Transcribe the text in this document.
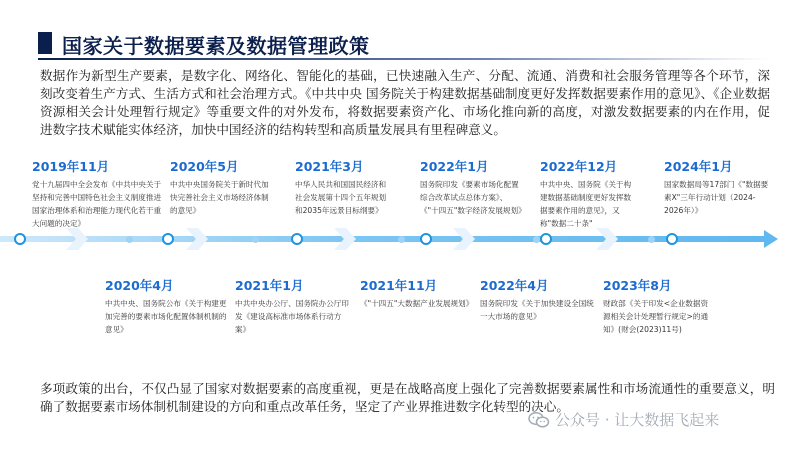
国家关于数据要素及数据管理政策
数据作为新型生产要素，是数字化、网络化、智能化的基础，已快速融入生产、分配、流通、消费和社会服务管理等各个环节，深刻改变着生产方式、生活方式和社会治理方式。《中共中央 国务院关于构建数据基础制度更好发挥数据要素作用的意见》、《企业数据资源相关会计处理暂行规定》等重要文件的对外发布，将数据要素资产化、市场化推向新的高度，对激发数据要素的内在作用，促进数字技术赋能实体经济，加快中国经济的结构转型和高质量发展具有里程碑意义。
2019年11月
党十九届四中全会发布《中共中央关于坚持和完善中国特色社会主义制度推进国家治理体系和治理能力现代化若干重大问题的决定》
2020年5月
中共中央国务院关于新时代加快完善社会主义市场经济体制的意见》
2021年3月
中华人民共和国国民经济和社会发展第十四个五年规划和2035年远景目标纲要》
2022年1月
国务院印发《要素市场化配置综合改革试点总体方案》、《"十四五"数字经济发展规划》
2022年12月
中共中央、国务院《关于构建数据基础制度更好发挥数据要素作用的意见》，又称"数据二十条"
2024年1月
国家数据局等17部门《"数据要素X"三年行动计划（2024-2026年）》
2020年4月
中共中央、国务院公布《关于构建更加完善的要素市场化配置体制机制的意见》
2021年1月
中共中央办公厅、国务院办公厅印发《建设高标准市场体系行动方案》
2021年11月
《"十四五"大数据产业发展规划》
2022年4月
国务院印发《关于加快建设全国统一大市场的意见》
2023年8月
财政部《关于印发<企业数据资源相关会计处理暂行规定>的通知》(财会(2023)11号)
多项政策的出台，不仅凸显了国家对数据要素的高度重视，更是在战略高度上强化了完善数据要素属性和市场流通性的重要意义，明确了数据要素市场体制机制建设的方向和重点改革任务，坚定了产业界推进数字化转型的决心。
公众号 · 让大数据飞起来
